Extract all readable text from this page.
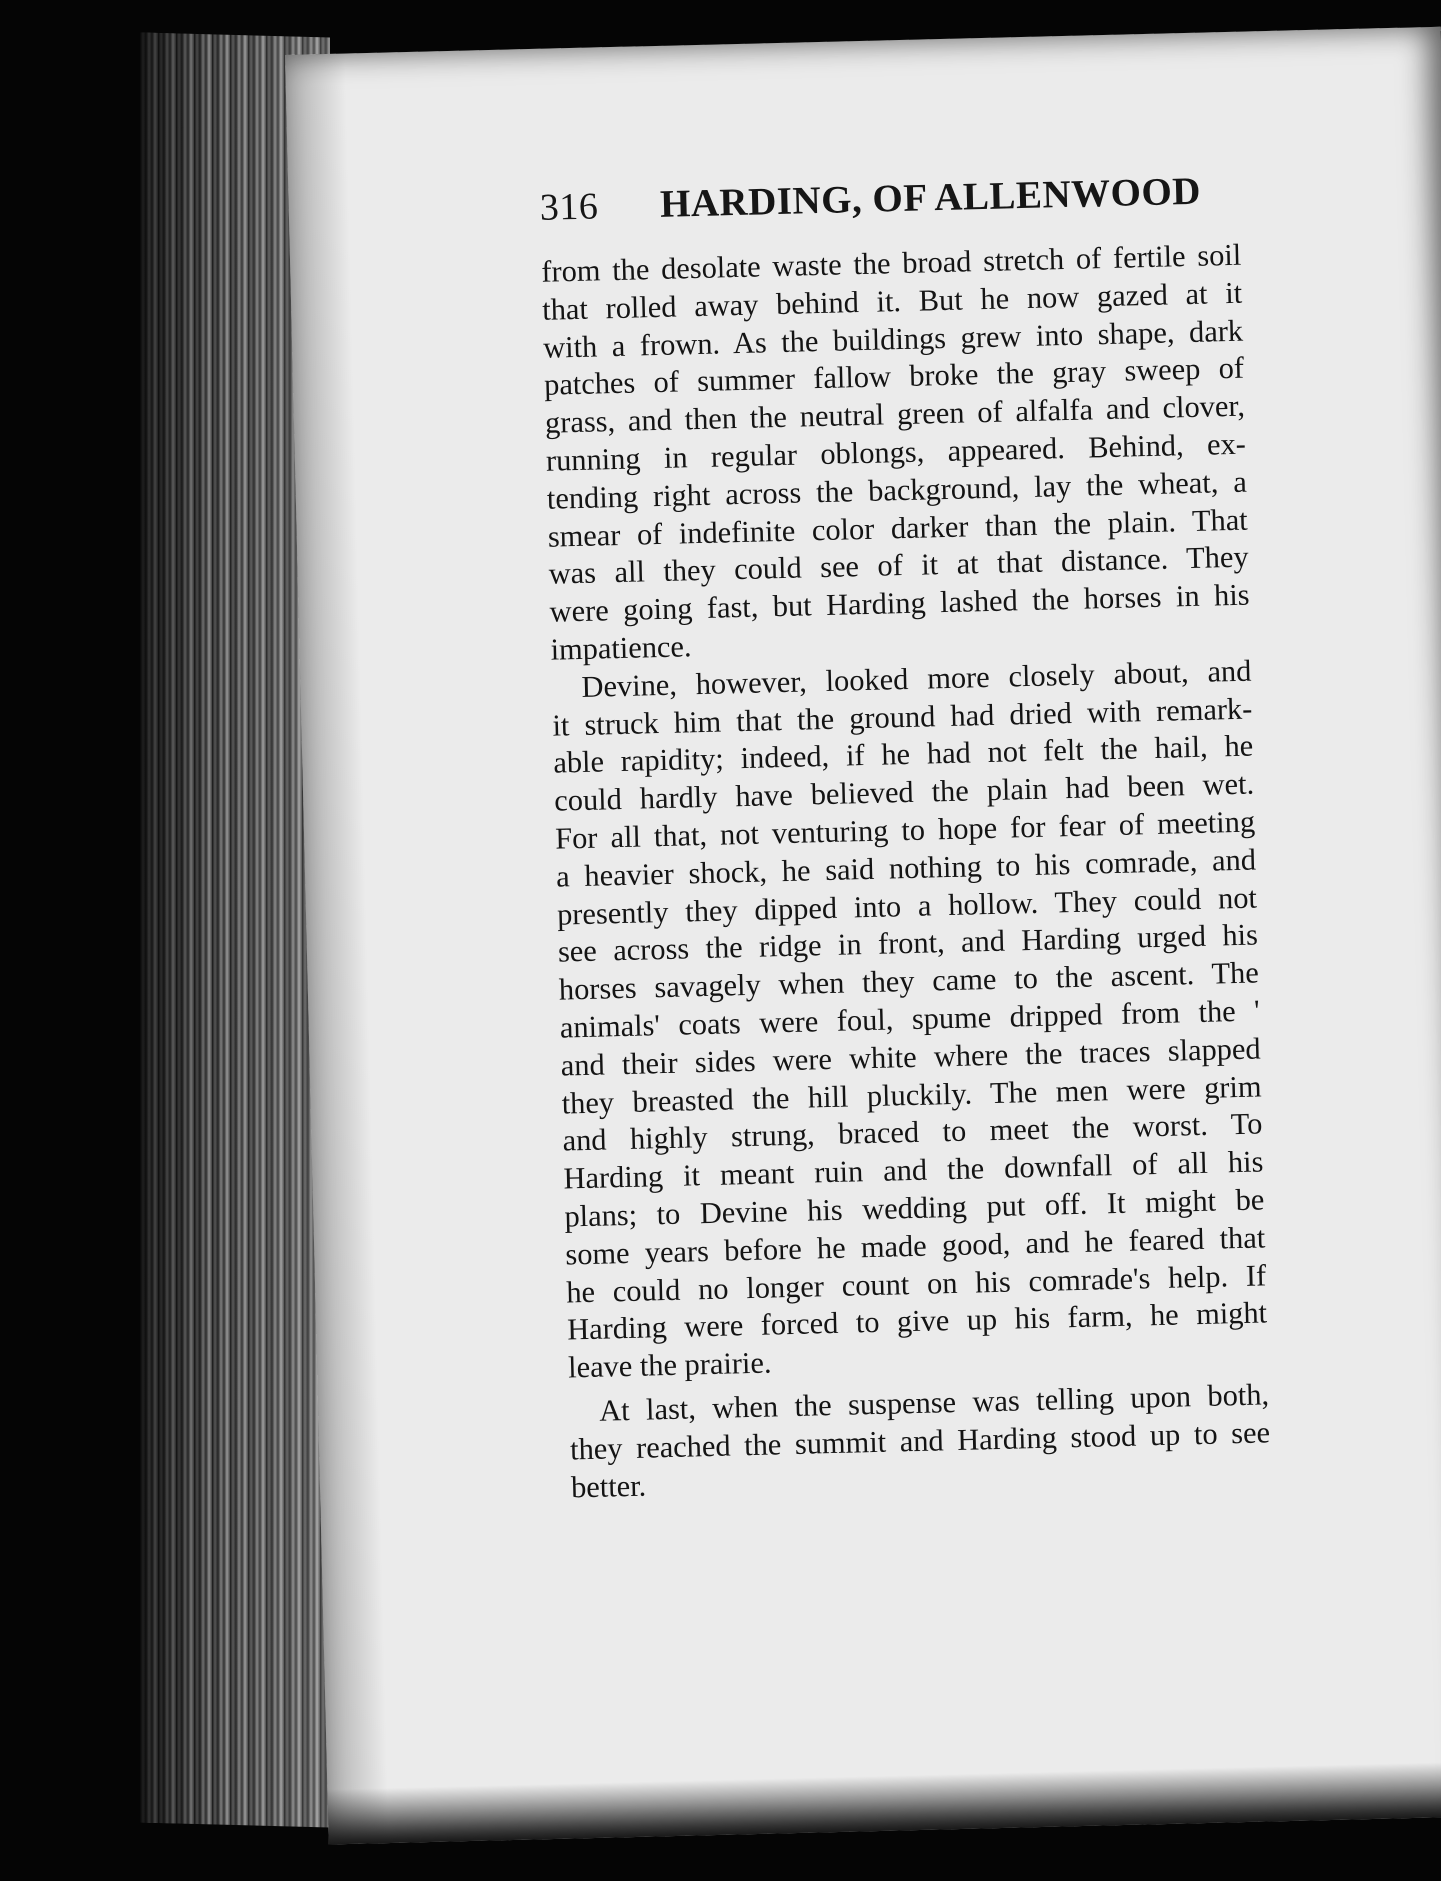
316 HARDING, OF ALLENWOOD
from the desolate waste the broad stretch of fertile soil
that rolled away behind it. But he now gazed at it
with a frown. As the buildings grew into shape, dark
patches of summer fallow broke the gray sweep of
grass, and then the neutral green of alfalfa and clover,
running in regular oblongs, appeared. Behind, ex-
tending right across the background, lay the wheat, a
smear of indefinite color darker than the plain. That
was all they could see of it at that distance. They
were going fast, but Harding lashed the horses in his
impatience.
Devine, however, looked more closely about, and
it struck him that the ground had dried with remark-
able rapidity; indeed, if he had not felt the hail, he
could hardly have believed the plain had been wet.
For all that, not venturing to hope for fear of meeting
a heavier shock, he said nothing to his comrade, and
presently they dipped into a hollow. They could not
see across the ridge in front, and Harding urged his
horses savagely when they came to the ascent. The
animals' coats were foul, spume dripped from the '
and their sides were white where the traces slapped
they breasted the hill pluckily. The men were grim
and highly strung, braced to meet the worst. To
Harding it meant ruin and the downfall of all his
plans; to Devine his wedding put off. It might be
some years before he made good, and he feared that
he could no longer count on his comrade's help. If
Harding were forced to give up his farm, he might
leave the prairie.
At last, when the suspense was telling upon both,
they reached the summit and Harding stood up to see
better.
